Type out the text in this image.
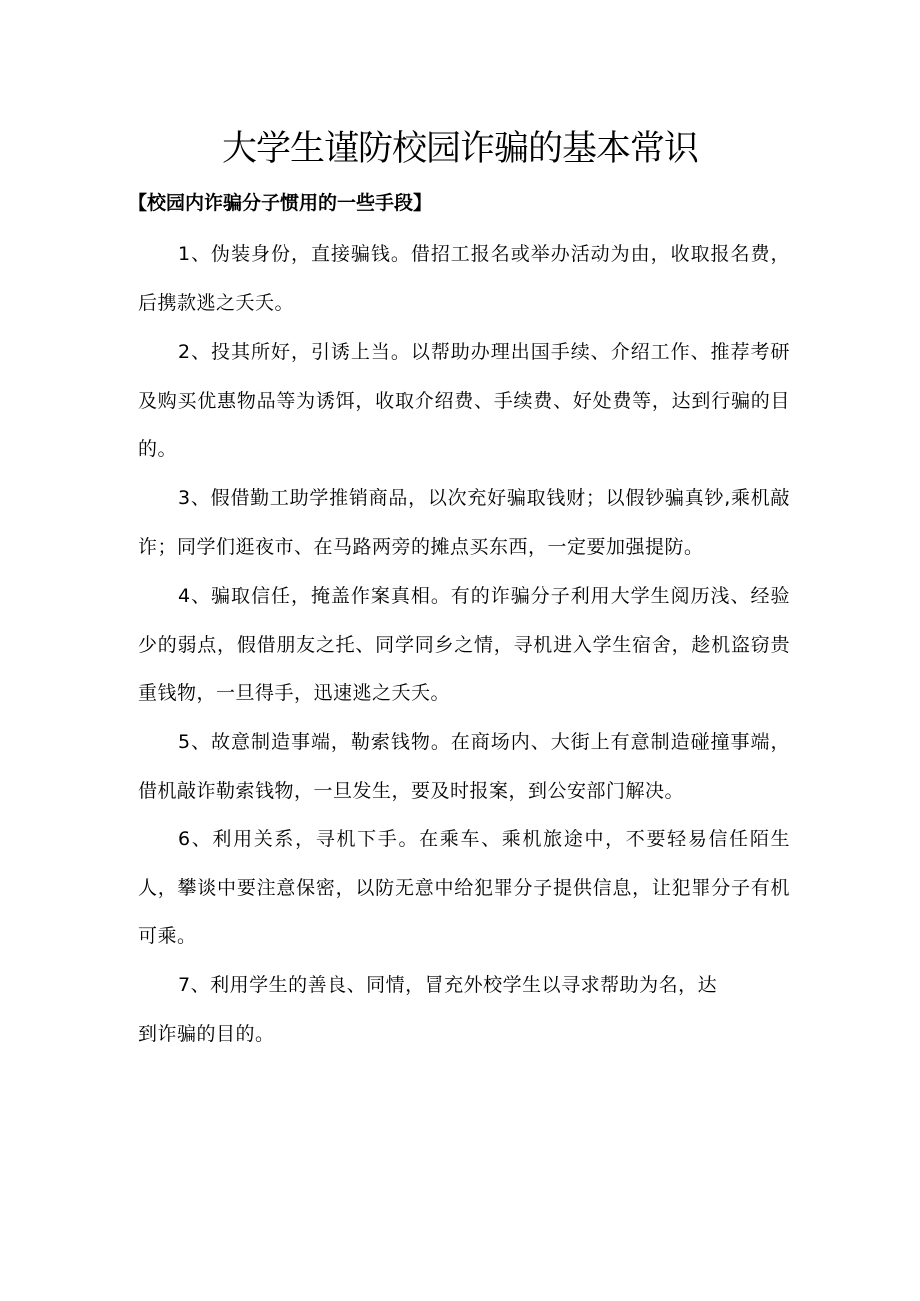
大学生谨防校园诈骗的基本常识
【校园内诈骗分子惯用的一些手段】
1、伪装身份，直接骗钱。借招工报名或举办活动为由，收取报名费，后携款逃之夭夭。
2、投其所好，引诱上当。以帮助办理出国手续、介绍工作、推荐考研及购买优惠物品等为诱饵，收取介绍费、手续费、好处费等，达到行骗的目的。
3、假借勤工助学推销商品，以次充好骗取钱财；以假钞骗真钞,乘机敲诈；同学们逛夜市、在马路两旁的摊点买东西，一定要加强提防。
4、骗取信任，掩盖作案真相。有的诈骗分子利用大学生阅历浅、经验少的弱点，假借朋友之托、同学同乡之情，寻机进入学生宿舍，趁机盗窃贵重钱物，一旦得手，迅速逃之夭夭。
5、故意制造事端，勒索钱物。在商场内、大街上有意制造碰撞事端，借机敲诈勒索钱物，一旦发生，要及时报案，到公安部门解决。
6、利用关系，寻机下手。在乘车、乘机旅途中，不要轻易信任陌生人，攀谈中要注意保密，以防无意中给犯罪分子提供信息，让犯罪分子有机可乘。
7、利用学生的善良、同情，冒充外校学生以寻求帮助为名，达
到诈骗的目的。
